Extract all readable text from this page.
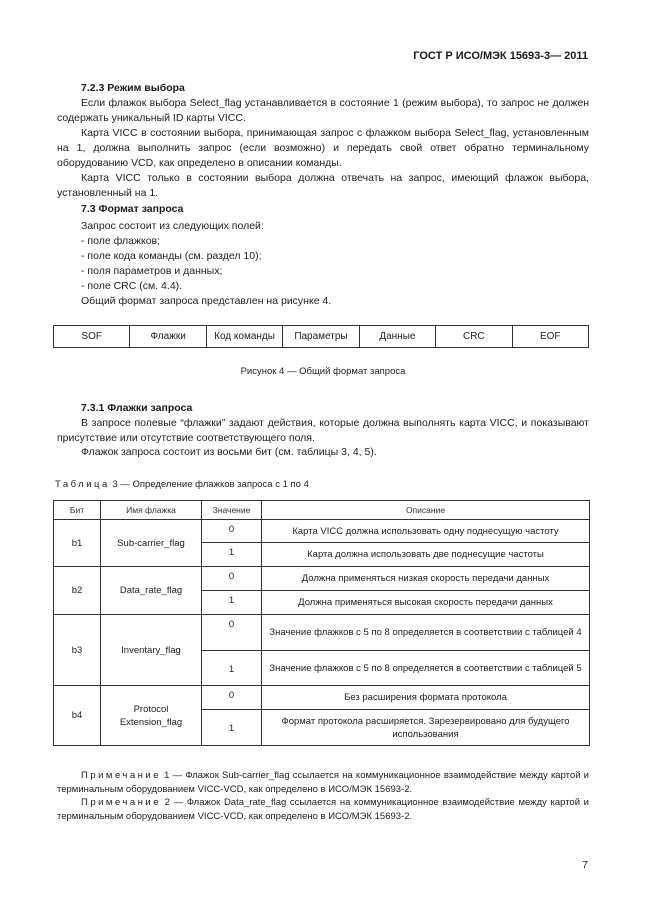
ГОСТ Р ИСО/МЭК 15693-3— 2011
7.2.3 Режим выбора
Если флажок выбора Select_flag устанавливается в состояние 1 (режим выбора), то запрос не должен содержать уникальный ID карты VICC.
Карта VICC в состоянии выбора, принимающая запрос с флажком выбора Select_flag, установленным на 1, должна выполнить запрос (если возможно) и передать свой ответ обратно терминальному оборудованию VCD, как определено в описании команды.
Карта VICC только в состоянии выбора должна отвечать на запрос, имеющий флажок выбора, установленный на 1.
7.3 Формат запроса
Запрос состоит из следующих полей:
- поле флажков;
- поле кода команды (см. раздел 10);
- поля параметров и данных;
- поле CRC (см. 4.4).
Общий формат запроса представлен на рисунке 4.
SOF	Флажки	Код команды	Параметры	Данные	CRC	EOF
Рисунок 4 — Общий формат запроса
7.3.1 Флажки запроса
В запросе полевые “флажки” задают действия, которые должна выполнять карта VICC, и показывают присутствие или отсутствие соответствующего поля.
Флажок запроса состоит из восьми бит (см. таблицы 3, 4, 5).
Таблица 3 — Определение флажков запроса с 1 по 4
Бит	Имя флажка	Значение	Описание
b1	Sub-carrier_flag	0	Карта VICC должна использовать одну поднесущую частоту
		1	Карта должна использовать две поднесущие частоты
b2	Data_rate_flag	0	Должна применяться низкая скорость передачи данных
		1	Должна применяться высокая скорость передачи данных
b3	Inventary_flag	0	Значение флажков с 5 по 8 определяется в соответствии с таблицей 4
		1	Значение флажков с 5 по 8 определяется в соответствии с таблицей 5
b4	Protocol Extension_flag	0	Без расширения формата протокола
		1	Формат протокола расширяется. Зарезервировано для будущего использования
Примечание 1 — Флажок Sub-carrier_flag ссылается на коммуникационное взаимодействие между картой и терминальным оборудованием VICC-VCD, как определено в ИСО/МЭК 15693-2.
Примечание 2 — Флажок Data_rate_flag ссылается на коммуникационное взаимодействие между картой и терминальным оборудованием VICC-VCD, как определено в ИСО/МЭК 15693-2.
7
